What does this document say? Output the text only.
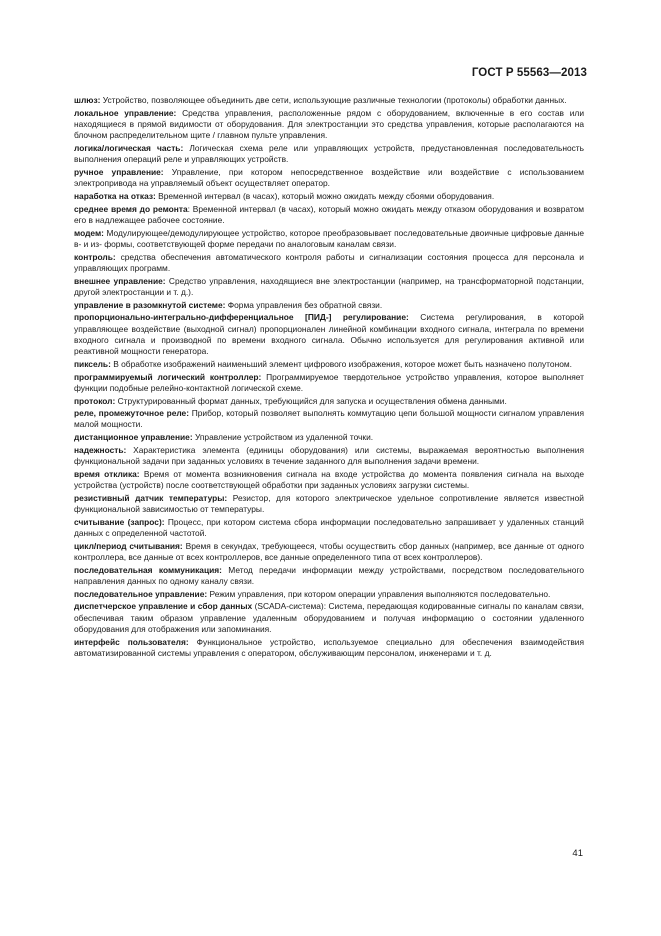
ГОСТ Р 55563—2013

шлюз: Устройство, позволяющее объединить две сети, использующие различные технологии (протоколы) обработки данных.

локальное управление: Средства управления, расположенные рядом с оборудованием, включенные в его состав или находящиеся в прямой видимости от оборудования. Для электростанции это средства управления, которые располагаются на блочном распределительном щите / главном пульте управления.

логика/логическая часть: Логическая схема реле или управляющих устройств, предустановленная последовательность выполнения операций реле и управляющих устройств.

ручное управление: Управление, при котором непосредственное воздействие или воздействие с использованием электропривода на управляемый объект осуществляет оператор.

наработка на отказ: Временной интервал (в часах), который можно ожидать между сбоями оборудования.

среднее время до ремонта: Временной интервал (в часах), который можно ожидать между отказом оборудования и возвратом его в надлежащее рабочее состояние.

модем: Модулирующее/демодулирующее устройство, которое преобразовывает последовательные двоичные цифровые данные в- и из- формы, соответствующей форме передачи по аналоговым каналам связи.

контроль: средства обеспечения автоматического контроля работы и сигнализации состояния процесса для персонала и управляющих программ.

внешнее управление: Средство управления, находящиеся вне электростанции (например, на трансформаторной подстанции, другой электростанции и т. д.).

управление в разомкнутой системе: Форма управления без обратной связи.

пропорционально-интегрально-дифференциальное [ПИД-] регулирование: Система регулирования, в которой управляющее воздействие (выходной сигнал) пропорционален линейной комбинации входного сигнала, интеграла по времени входного сигнала и производной по времени входного сигнала. Обычно используется для регулирования активной или реактивной мощности генератора.

пиксель: В обработке изображений наименьший элемент цифрового изображения, которое может быть назначено полутоном.

программируемый логический контроллер: Программируемое твердотельное устройство управления, которое выполняет функции подобные релейно-контактной логической схеме.

протокол: Структурированный формат данных, требующийся для запуска и осуществления обмена данными.

реле, промежуточное реле: Прибор, который позволяет выполнять коммутацию цепи большой мощности сигналом управления малой мощности.

дистанционное управление: Управление устройством из удаленной точки.

надежность: Характеристика элемента (единицы оборудования) или системы, выражаемая вероятностью выполнения функциональной задачи при заданных условиях в течение заданного для выполнения задачи времени.

время отклика: Время от момента возникновения сигнала на входе устройства до момента появления сигнала на выходе устройства (устройств) после соответствующей обработки при заданных условиях загрузки системы.

резистивный датчик температуры: Резистор, для которого электрическое удельное сопротивление является известной функциональной зависимостью от температуры.

считывание (запрос): Процесс, при котором система сбора информации последовательно запрашивает у удаленных станций данных с определенной частотой.

цикл/период считывания: Время в секундах, требующееся, чтобы осуществить сбор данных (например, все данные от одного контроллера, все данные от всех контроллеров, все данные определенного типа от всех контроллеров).

последовательная коммуникация: Метод передачи информации между устройствами, посредством последовательного направления данных по одному каналу связи.

последовательное управление: Режим управления, при котором операции управления выполняются последовательно.

диспетчерское управление и сбор данных (SCADA-система): Система, передающая кодированные сигналы по каналам связи, обеспечивая таким образом управление удаленным оборудованием и получая информацию о состоянии удаленного оборудования для отображения или запоминания.

интерфейс пользователя: Функциональное устройство, используемое специально для обеспечения взаимодействия автоматизированной системы управления с оператором, обслуживающим персоналом, инженерами и т. д.

41
